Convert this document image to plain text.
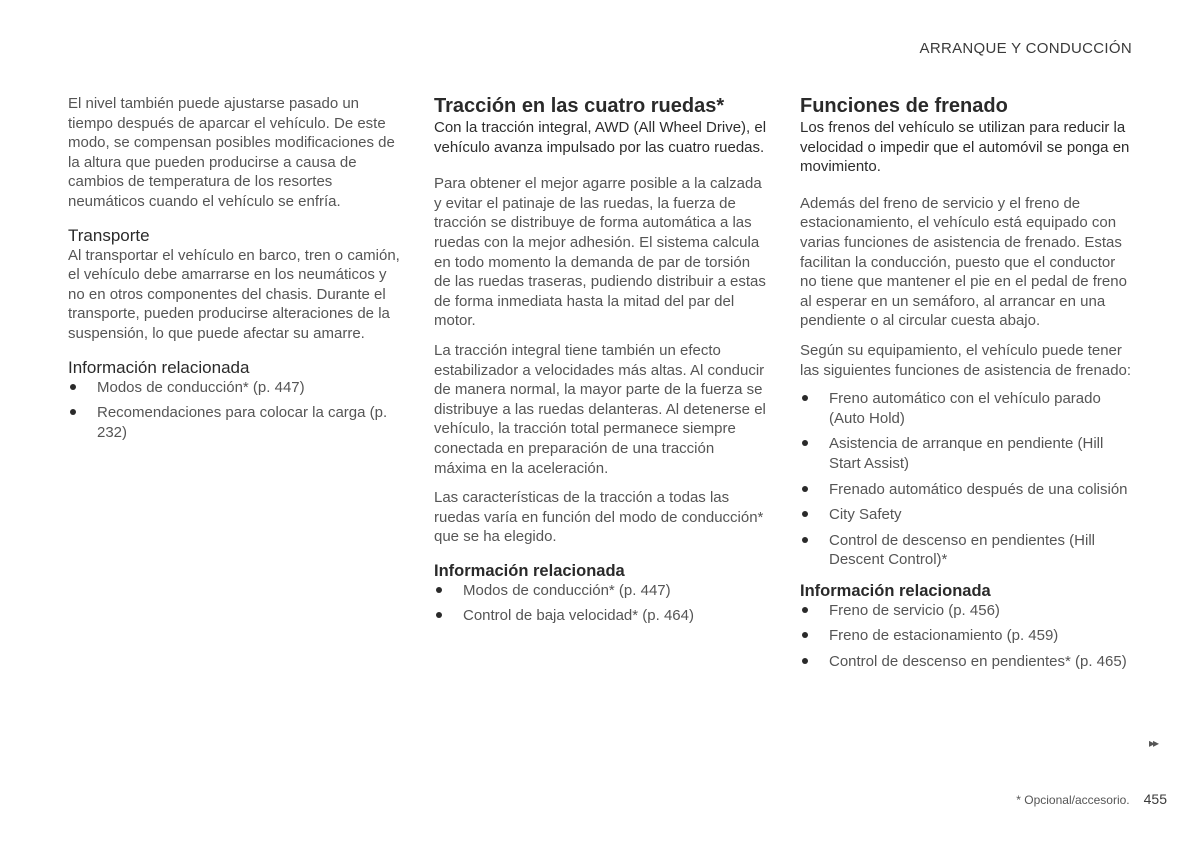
ARRANQUE Y CONDUCCIÓN

El nivel también puede ajustarse pasado un tiempo después de aparcar el vehículo. De este modo, se compensan posibles modificaciones de la altura que pueden producirse a causa de cambios de temperatura de los resortes neumáticos cuando el vehículo se enfría.

Transporte

Al transportar el vehículo en barco, tren o camión, el vehículo debe amarrarse en los neumáticos y no en otros componentes del chasis. Durante el transporte, pueden producirse alteraciones de la suspensión, lo que puede afectar su amarre.

Información relacionada
Modos de conducción* (p. 447)
Recomendaciones para colocar la carga (p. 232)
Tracción en las cuatro ruedas*

Con la tracción integral, AWD (All Wheel Drive), el vehículo avanza impulsado por las cuatro ruedas.

Para obtener el mejor agarre posible a la calzada y evitar el patinaje de las ruedas, la fuerza de tracción se distribuye de forma automática a las ruedas con la mejor adhesión. El sistema calcula en todo momento la demanda de par de torsión de las ruedas traseras, pudiendo distribuir a estas de forma inmediata hasta la mitad del par del motor.

La tracción integral tiene también un efecto estabilizador a velocidades más altas. Al conducir de manera normal, la mayor parte de la fuerza se distribuye a las ruedas delanteras. Al detenerse el vehículo, la tracción total permanece siempre conectada en preparación de una tracción máxima en la aceleración.

Las características de la tracción a todas las ruedas varía en función del modo de conducción* que se ha elegido.

Información relacionada
Modos de conducción* (p. 447)
Control de baja velocidad* (p. 464)
Funciones de frenado

Los frenos del vehículo se utilizan para reducir la velocidad o impedir que el automóvil se ponga en movimiento.

Además del freno de servicio y el freno de estacionamiento, el vehículo está equipado con varias funciones de asistencia de frenado. Estas facilitan la conducción, puesto que el conductor no tiene que mantener el pie en el pedal de freno al esperar en un semáforo, al arrancar en una pendiente o al circular cuesta abajo.

Según su equipamiento, el vehículo puede tener las siguientes funciones de asistencia de frenado:

Freno automático con el vehículo parado (Auto Hold)
Asistencia de arranque en pendiente (Hill Start Assist)
Frenado automático después de una colisión
City Safety
Control de descenso en pendientes (Hill Descent Control)*
Información relacionada
Freno de servicio (p. 456)
Freno de estacionamiento (p. 459)
Control de descenso en pendientes* (p. 465)
▸▸
* Opcional/accesorio. 455
